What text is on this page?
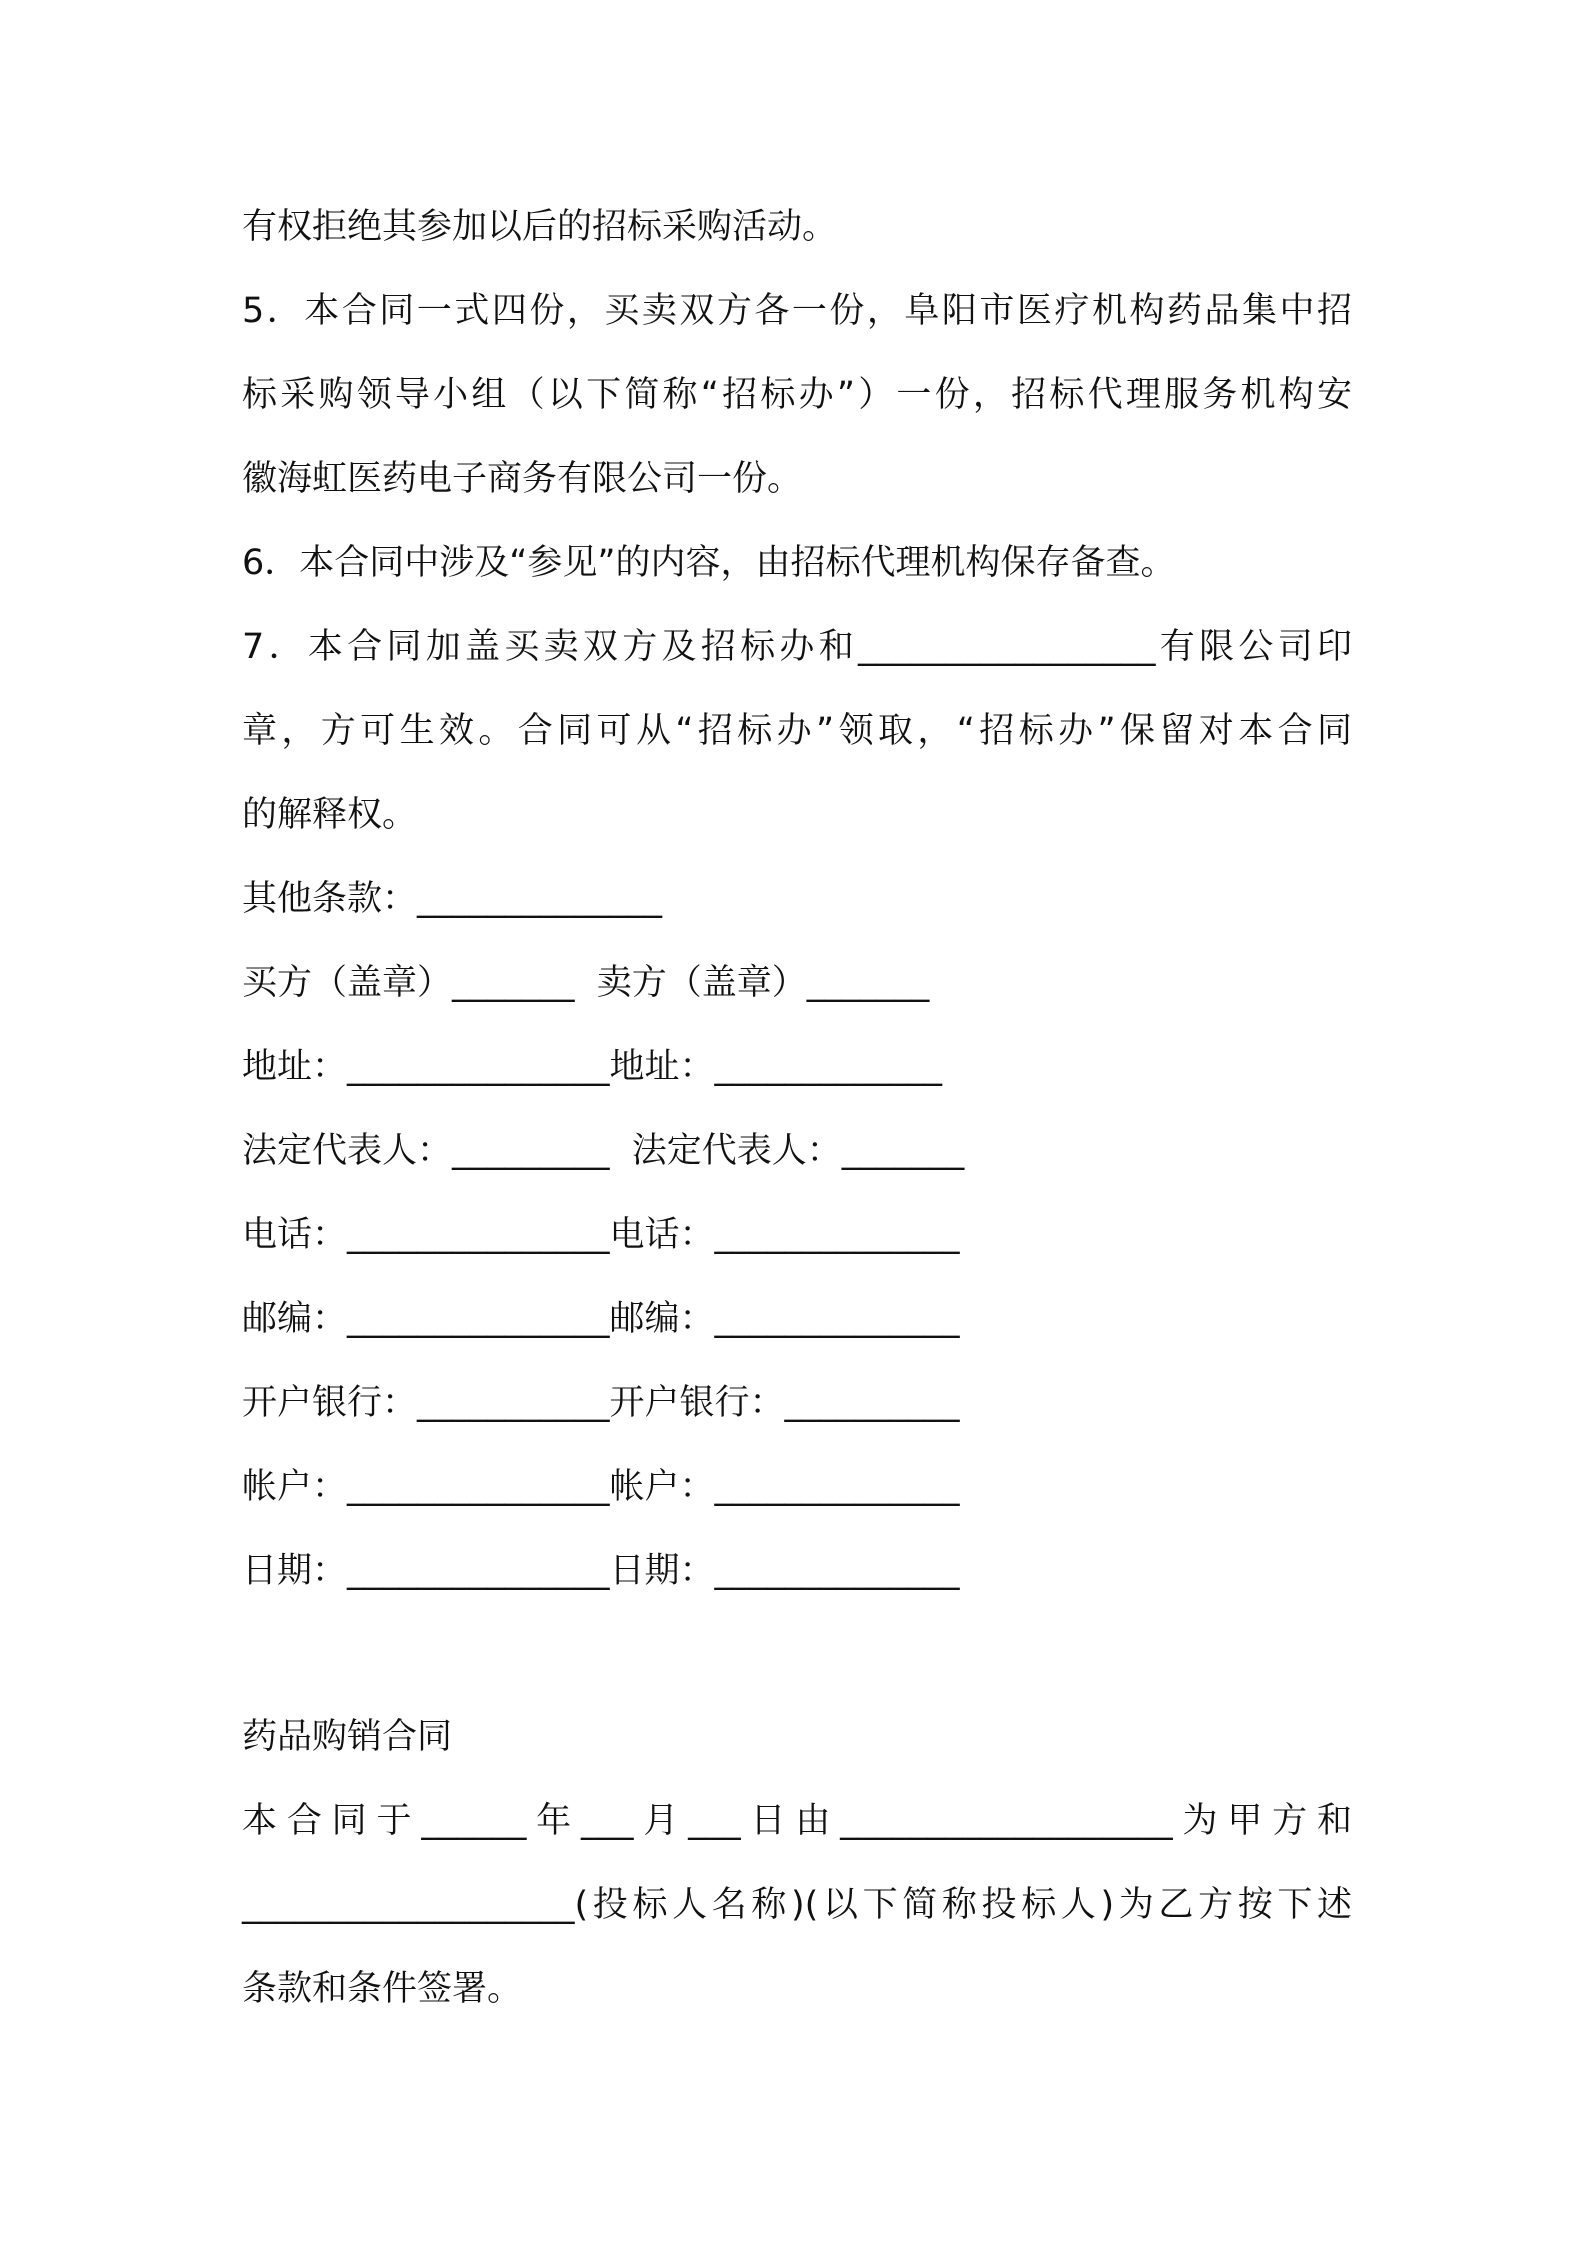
有权拒绝其参加以后的招标采购活动。

5．本合同一式四份，买卖双方各一份，阜阳市医疗机构药品集中招

标采购领导小组（以下简称“招标办”）一份，招标代理服务机构安

徽海虹医药电子商务有限公司一份。

6．本合同中涉及“参见”的内容，由招标代理机构保存备查。

7．本合同加盖买卖双方及招标办和_________________有限公司印

章，方可生效。合同可从“招标办”领取，“招标办”保留对本合同

的解释权。

其他条款：______________

买方（盖章）_______  卖方（盖章）_______

地址：_______________地址：_____________

法定代表人：_________  法定代表人：_______

电话：_______________电话：______________

邮编：_______________邮编：______________

开户银行：___________开户银行：__________

帐户：_______________帐户：______________

日期：_______________日期：______________

药品购销合同

本合同于______年___月___日由___________________为甲方和

___________________(投标人名称)(以下简称投标人)为乙方按下述

条款和条件签署。
